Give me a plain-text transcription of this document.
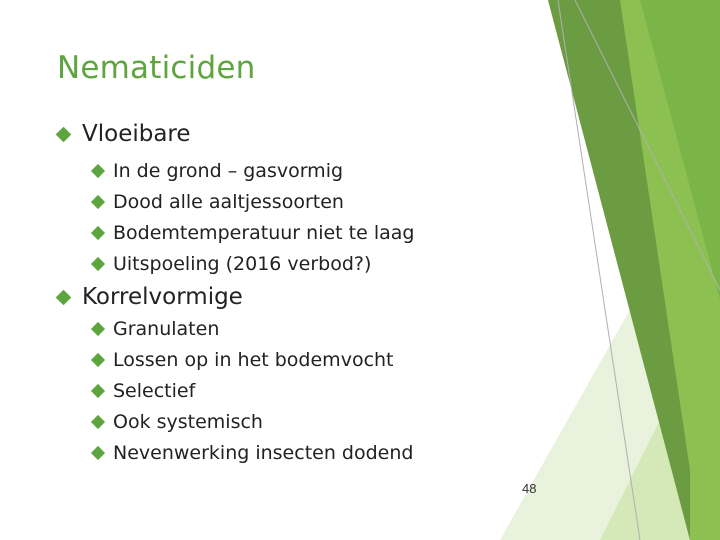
Nematiciden
Vloeibare
In de grond – gasvormig
Dood alle aaltjessoorten
Bodemtemperatuur niet te laag
Uitspoeling (2016 verbod?)
Korrelvormige
Granulaten
Lossen op in het bodemvocht
Selectief
Ook systemisch
Nevenwerking insecten dodend
48
